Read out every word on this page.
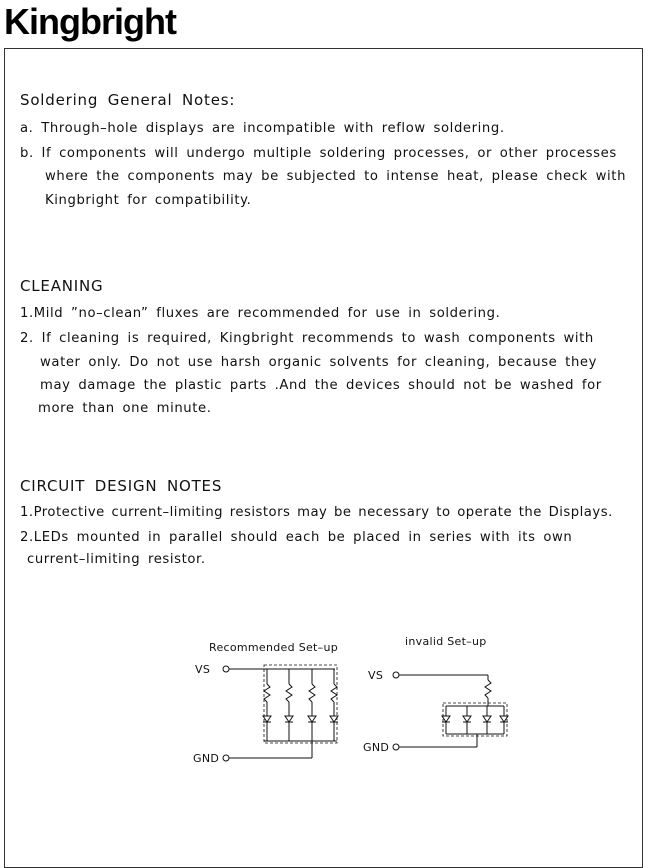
Kingbright
Soldering General Notes:
a. Through–hole displays are incompatible with reflow soldering.
b. If components will undergo multiple soldering processes, or other processes
where the components may be subjected to intense heat, please check with
Kingbright for compatibility.
CLEANING
1.Mild ”no–clean” fluxes are recommended for use in soldering.
2. If cleaning is required, Kingbright recommends to wash components with
water only. Do not use harsh organic solvents for cleaning, because they
may damage the plastic parts .And the devices should not be washed for
more than one minute.
CIRCUIT DESIGN NOTES
1.Protective current–limiting resistors may be necessary to operate the Displays.
2.LEDs mounted in parallel should each be placed in series with its own
current–limiting resistor.
Recommended Set–up
VS
GND
invalid Set–up
VS
GND
